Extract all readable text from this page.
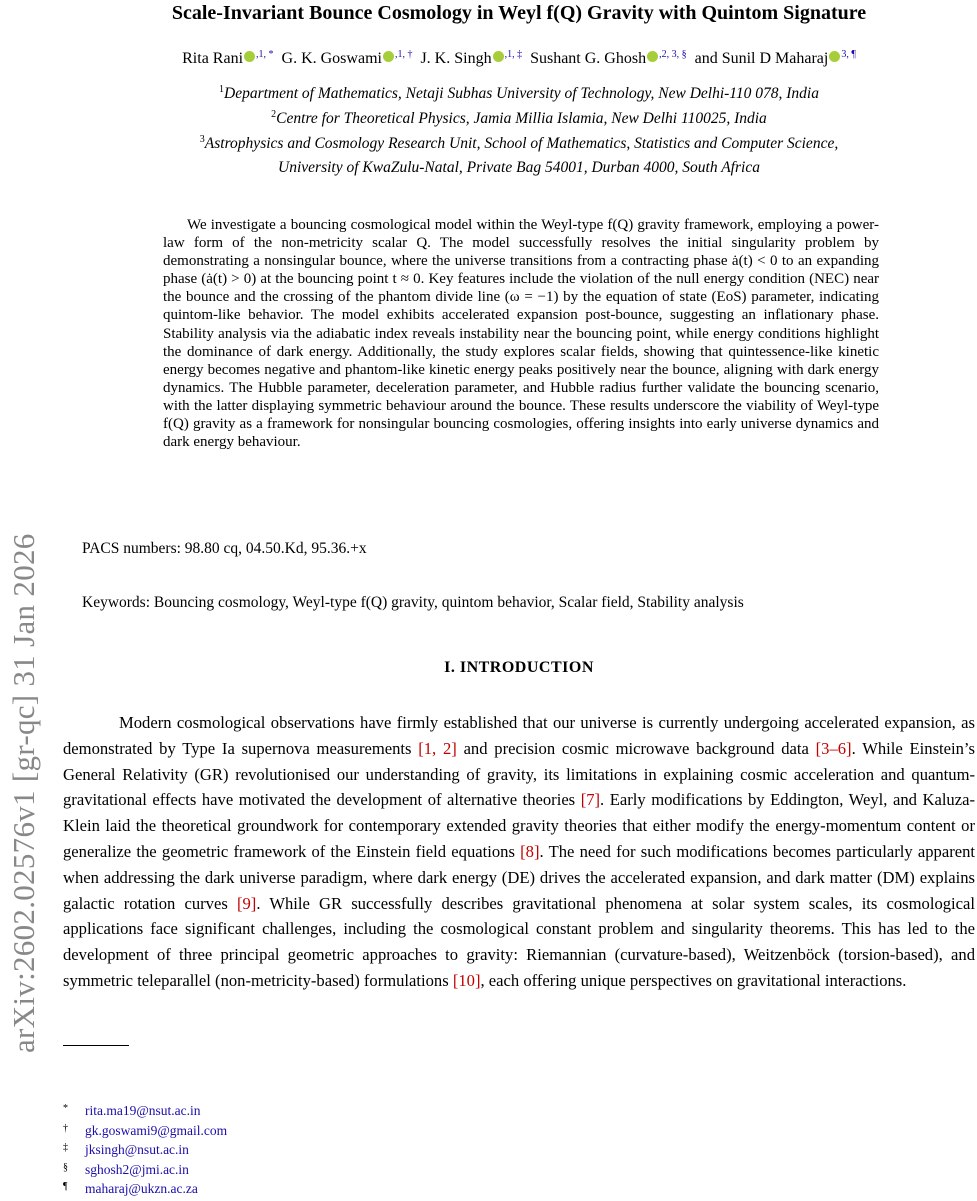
arXiv:2602.02576v1 [gr-qc] 31 Jan 2026
Scale-Invariant Bounce Cosmology in Weyl f(Q) Gravity with Quintom Signature
Rita Rani $^{,1, *}$ G. K. Goswami $^{,1, \dagger}$ J. K. Singh $^{,1, \ddagger}$ Sushant G. Ghosh $^{,2, 3, \S}$ and Sunil D Maharaj $^{3, \P}$
$^1$Department of Mathematics, Netaji Subhas University of Technology, New Delhi-110 078, India
$^2$Centre for Theoretical Physics, Jamia Millia Islamia, New Delhi 110025, India
$^3$Astrophysics and Cosmology Research Unit, School of Mathematics, Statistics and Computer Science,
University of KwaZulu-Natal, Private Bag 54001, Durban 4000, South Africa

We investigate a bouncing cosmological model within the Weyl-type f(Q) gravity framework, employing a power-law form of the non-metricity scalar Q. The model successfully resolves the initial singularity problem by demonstrating a nonsingular bounce, where the universe transitions from a contracting phase ȧ(t) < 0 to an expanding phase (ȧ(t) > 0) at the bouncing point t ≈ 0. Key features include the violation of the null energy condition (NEC) near the bounce and the crossing of the phantom divide line (ω = −1) by the equation of state (EoS) parameter, indicating quintom-like behavior. The model exhibits accelerated expansion post-bounce, suggesting an inflationary phase. Stability analysis via the adiabatic index reveals instability near the bouncing point, while energy conditions highlight the dominance of dark energy. Additionally, the study explores scalar fields, showing that quintessence-like kinetic energy becomes negative and phantom-like kinetic energy peaks positively near the bounce, aligning with dark energy dynamics. The Hubble parameter, deceleration parameter, and Hubble radius further validate the bouncing scenario, with the latter displaying symmetric behaviour around the bounce. These results underscore the viability of Weyl-type f(Q) gravity as a framework for nonsingular bouncing cosmologies, offering insights into early universe dynamics and dark energy behaviour.

PACS numbers: 98.80 cq, 04.50.Kd, 95.36.+x
Keywords: Bouncing cosmology, Weyl-type f(Q) gravity, quintom behavior, Scalar field, Stability analysis
I. INTRODUCTION

Modern cosmological observations have firmly established that our universe is currently undergoing accelerated expansion, as demonstrated by Type Ia supernova measurements [1, 2] and precision cosmic microwave background data [3–6]. While Einstein’s General Relativity (GR) revolutionised our understanding of gravity, its limitations in explaining cosmic acceleration and quantum-gravitational effects have motivated the development of alternative theories [7]. Early modifications by Eddington, Weyl, and Kaluza-Klein laid the theoretical groundwork for contemporary extended gravity theories that either modify the energy-momentum content or generalize the geometric framework of the Einstein field equations [8]. The need for such modifications becomes particularly apparent when addressing the dark universe paradigm, where dark energy (DE) drives the accelerated expansion, and dark matter (DM) explains galactic rotation curves [9]. While GR successfully describes gravitational phenomena at solar system scales, its cosmological applications face significant challenges, including the cosmological constant problem and singularity theorems. This has led to the development of three principal geometric approaches to gravity: Riemannian (curvature-based), Weitzenböck (torsion-based), and symmetric teleparallel (non-metricity-based) formulations [10], each offering unique perspectives on gravitational interactions.

* rita.ma19@nsut.ac.in
† gk.goswami9@gmail.com
‡ jksingh@nsut.ac.in
§ sghosh2@jmi.ac.in
¶ maharaj@ukzn.ac.za
